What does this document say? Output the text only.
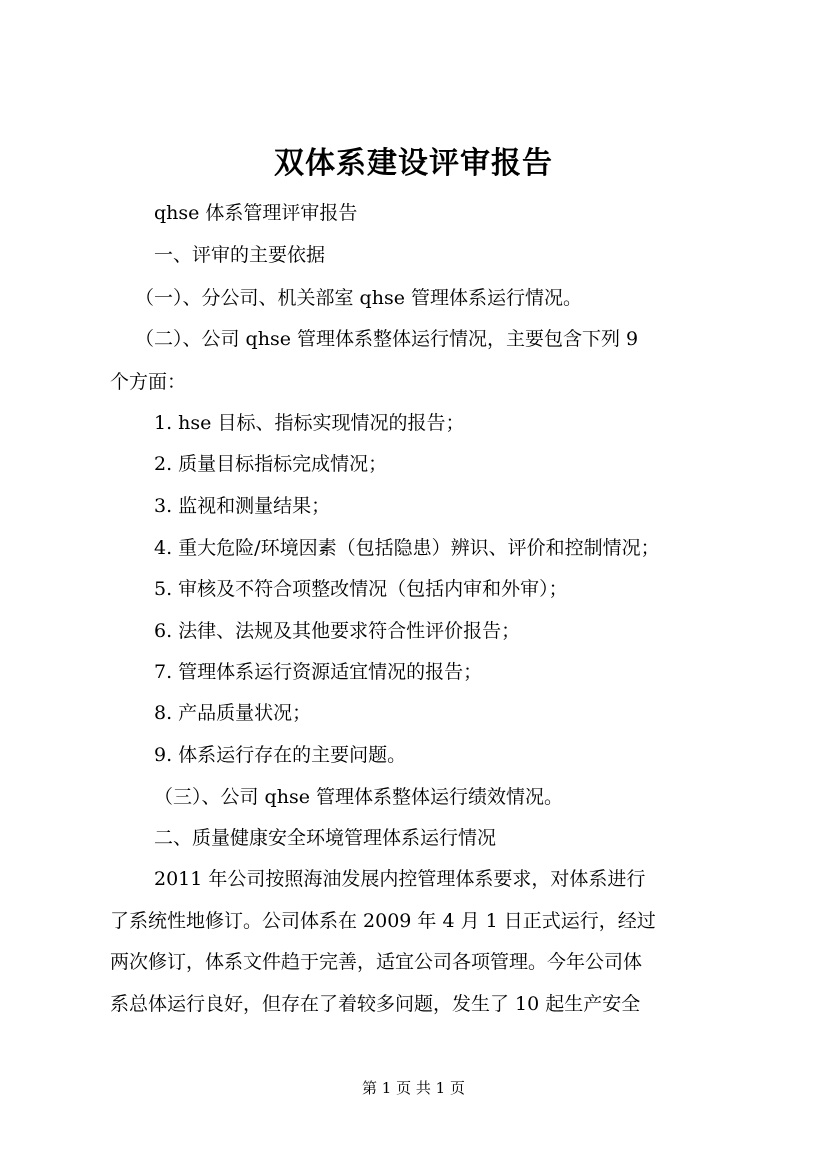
双体系建设评审报告

qhse 体系管理评审报告

一、评审的主要依据

（一）、分公司、机关部室 qhse 管理体系运行情况。

（二）、公司 qhse 管理体系整体运行情况，主要包含下列 9

个方面：

1. hse 目标、指标实现情况的报告；

2. 质量目标指标完成情况；

3. 监视和测量结果；

4. 重大危险/环境因素（包括隐患）辨识、评价和控制情况；

5. 审核及不符合项整改情况（包括内审和外审）；

6. 法律、法规及其他要求符合性评价报告；

7. 管理体系运行资源适宜情况的报告；

8. 产品质量状况；

9. 体系运行存在的主要问题。

（三）、公司 qhse 管理体系整体运行绩效情况。

二、质量健康安全环境管理体系运行情况

2011 年公司按照海油发展内控管理体系要求，对体系进行

了系统性地修订。公司体系在 2009 年 4 月 1 日正式运行，经过

两次修订，体系文件趋于完善，适宜公司各项管理。今年公司体

系总体运行良好，但存在了着较多问题，发生了 10 起生产安全

第 1 页 共 1 页
